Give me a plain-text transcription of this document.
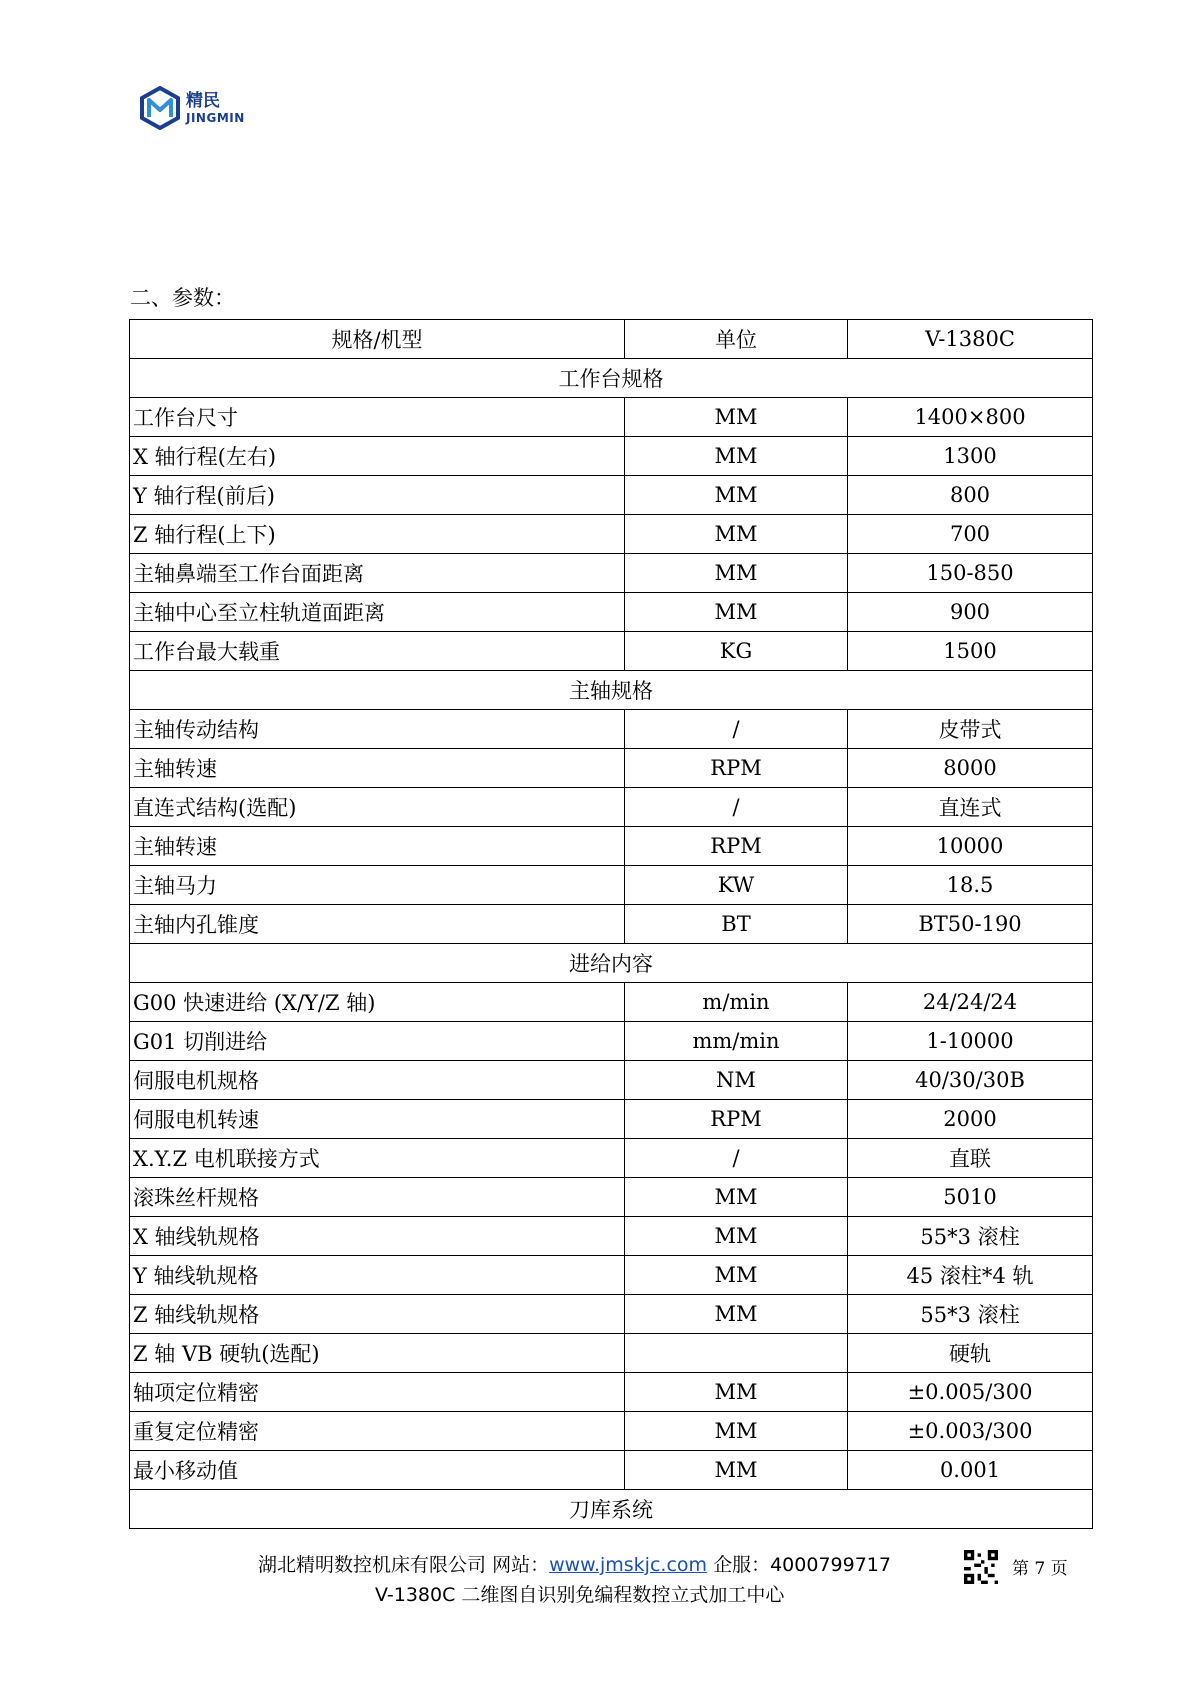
精民
JINGMIN
二、参数：
规格/机型	单位	V-1380C
工作台规格		
工作台尺寸	MM	1400×800
X 轴行程(左右)	MM	1300
Y 轴行程(前后)	MM	800
Z 轴行程(上下)	MM	700
主轴鼻端至工作台面距离	MM	150-850
主轴中心至立柱轨道面距离	MM	900
工作台最大载重	KG	1500
主轴规格		
主轴传动结构	/	皮带式
主轴转速	RPM	8000
直连式结构(选配)	/	直连式
主轴转速	RPM	10000
主轴马力	KW	18.5
主轴内孔锥度	BT	BT50-190
进给内容		
G00 快速进给 (X/Y/Z 轴)	m/min	24/24/24
G01 切削进给	mm/min	1-10000
伺服电机规格	NM	40/30/30B
伺服电机转速	RPM	2000
X.Y.Z 电机联接方式	/	直联
滚珠丝杆规格	MM	5010
X 轴线轨规格	MM	55*3 滚柱
Y 轴线轨规格	MM	45 滚柱*4 轨
Z 轴线轨规格	MM	55*3 滚柱
Z 轴 VB 硬轨(选配)		硬轨
轴项定位精密	MM	±0.005/300
重复定位精密	MM	±0.003/300
最小移动值	MM	0.001
刀库系统		
湖北精明数控机床有限公司 网站：www.jmskjc.com 企服：4000799717	第 7 页
V-1380C 二维图自识别免编程数控立式加工中心
